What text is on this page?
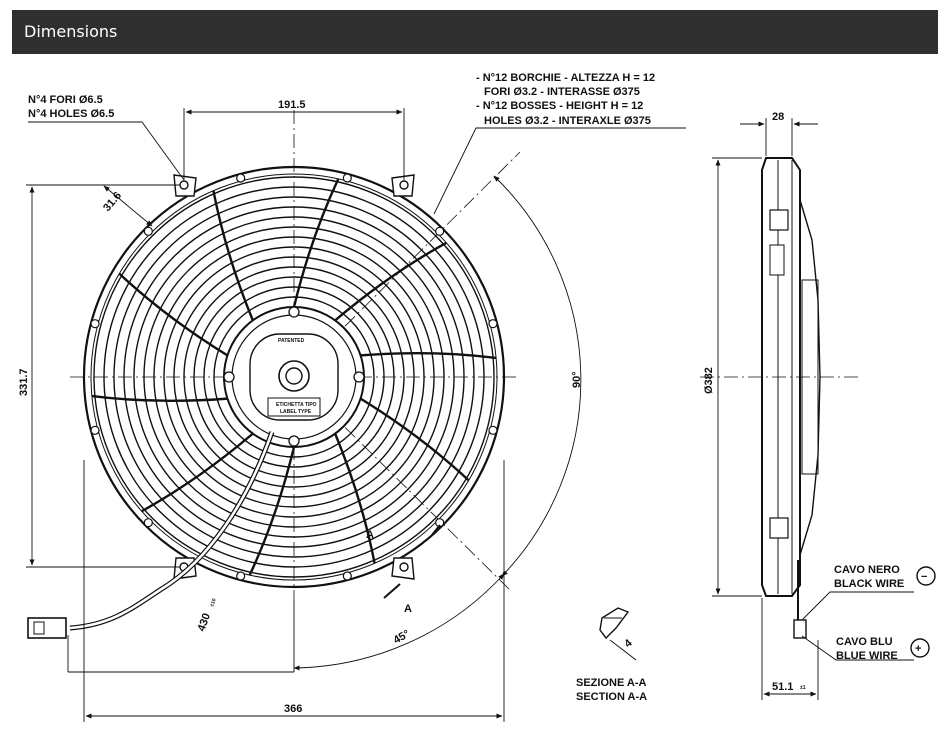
Dimensions
N°4 FORI Ø6.5
N°4 HOLES Ø6.5
- N°12 BORCHIE - ALTEZZA H = 12
FORI Ø3.2 - INTERASSE Ø375
- N°12 BOSSES - HEIGHT H = 12
HOLES Ø3.2 - INTERAXLE Ø375
191.5
31.6
331.7	90°
45°
430
±10
366
28
Ø382
51.1 ±1
4
PATENTED
ETICHETTA TIPO
LABEL TYPE
A
A
SEZIONE A-A
SECTION A-A
CAVO NERO
BLACK WIRE
−
CAVO BLU
BLUE WIRE
+
